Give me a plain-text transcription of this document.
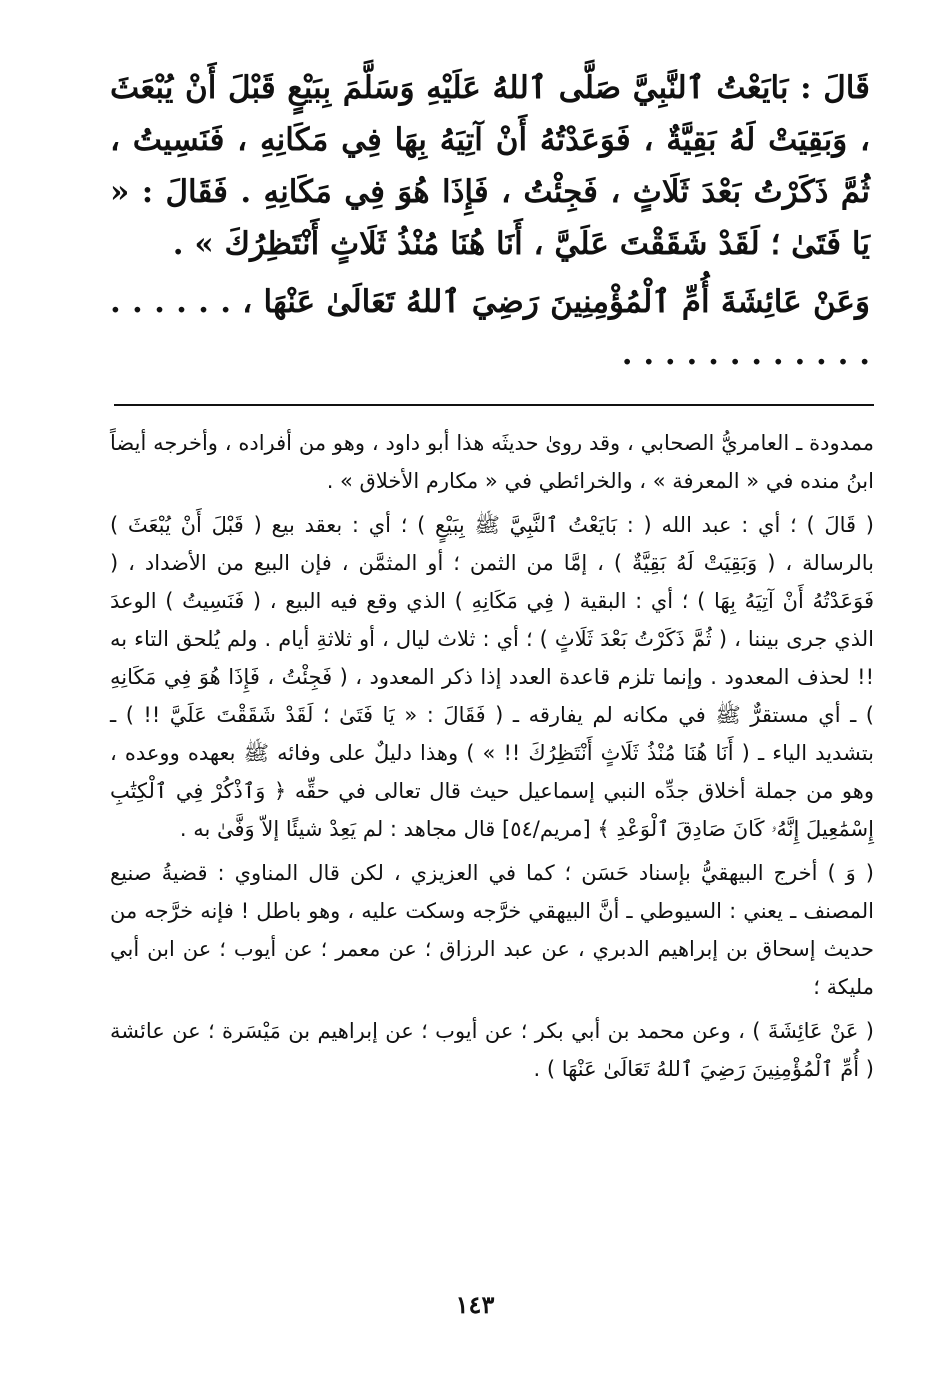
قَالَ : بَايَعْتُ ٱلنَّبِيَّ صَلَّى ٱللهُ عَلَيْهِ وَسَلَّمَ بِبَيْعٍ قَبْلَ أَنْ يُبْعَثَ ، وَبَقِيَتْ لَهُ بَقِيَّةٌ ، فَوَعَدْتُهُ أَنْ آتِيَهُ بِهَا فِي مَكَانِهِ ، فَنَسِيتُ ، ثُمَّ ذَكَرْتُ بَعْدَ ثَلَاثٍ ، فَجِئْتُ ، فَإِذَا هُوَ فِي مَكَانِهِ . فَقَالَ : « يَا فَتَىٰ ؛ لَقَدْ شَقَقْتَ عَلَيَّ ، أَنَا هُنَا مُنْذُ ثَلَاثٍ أَنْتَظِرُكَ » .

وَعَنْ عَائِشَةَ أُمِّ ٱلْمُؤْمِنِينَ رَضِيَ ٱللهُ تَعَالَىٰ عَنْهَا ، . . . . . . . . . . . . . . . . . .

ممدودة ـ العامريُّ الصحابي ، وقد روىٰ حديثَه هذا أبو داود ، وهو من أفراده ، وأخرجه أيضاً ابنُ منده في « المعرفة » ، والخرائطي في « مكارم الأخلاق » .

( قَالَ ) ؛ أي : عبد الله ( : بَايَعْتُ ٱلنَّبِيَّ ﷺ بِبَيْعٍ ) ؛ أي : بعقد بيع ( قَبْلَ أَنْ يُبْعَثَ ) بالرسالة ، ( وَبَقِيَتْ لَهُ بَقِيَّةٌ ) ، إمَّا من الثمن ؛ أو المثمَّن ، فإن البيع من الأضداد ، ( فَوَعَدْتُهُ أَنْ آتِيَهُ بِهَا ) ؛ أي : البقية ( فِي مَكَانِهِ ) الذي وقع فيه البيع ، ( فَنَسِيتُ ) الوعدَ الذي جرى بيننا ، ( ثُمَّ ذَكَرْتُ بَعْدَ ثَلَاثٍ ) ؛ أي : ثلاث ليال ، أو ثلاثةِ أيام . ولم يُلحق التاء به !! لحذف المعدود . وإنما تلزم قاعدة العدد إذا ذكر المعدود ، ( فَجِئْتُ ، فَإِذَا هُوَ فِي مَكَانِهِ ) ـ أي مستقرٌّ ﷺ في مكانه لم يفارقه ـ ( فَقَالَ : « يَا فَتَىٰ ؛ لَقَدْ شَقَقْتَ عَلَيَّ !! ) ـ بتشديد الياء ـ ( أَنَا هُنَا مُنْذُ ثَلَاثٍ أَنْتَظِرُكَ !! » ) وهذا دليلٌ على وفائه ﷺ بعهده ووعده ، وهو من جملة أخلاق جدِّه النبي إسماعيل حيث قال تعالى في حقِّه ﴿ وَٱذْكُرْ فِي ٱلْكِتَٰبِ إِسْمَٰعِيلَ إِنَّهُۥ كَانَ صَادِقَ ٱلْوَعْدِ ﴾ [مريم/٥٤] قال مجاهد : لم يَعِدْ شيئًا إلاّ وَفَّىٰ به .

( وَ ) أخرج البيهقيُّ بإسناد حَسَن ؛ كما في العزيزي ، لكن قال المناوي : قضيةُ صنيع المصنف ـ يعني : السيوطي ـ أنَّ البيهقي خرَّجه وسكت عليه ، وهو باطل ! فإنه خرَّجه من حديث إسحاق بن إبراهيم الدبري ، عن عبد الرزاق ؛ عن معمر ؛ عن أيوب ؛ عن ابن أبي مليكة ؛

( عَنْ عَائِشَةَ ) ، وعن محمد بن أبي بكر ؛ عن أيوب ؛ عن إبراهيم بن مَيْسَرة ؛ عن عائشة ( أُمِّ ٱلْمُؤْمِنِينَ رَضِيَ ٱللهُ تَعَالَىٰ عَنْهَا ) .

١٤٣
